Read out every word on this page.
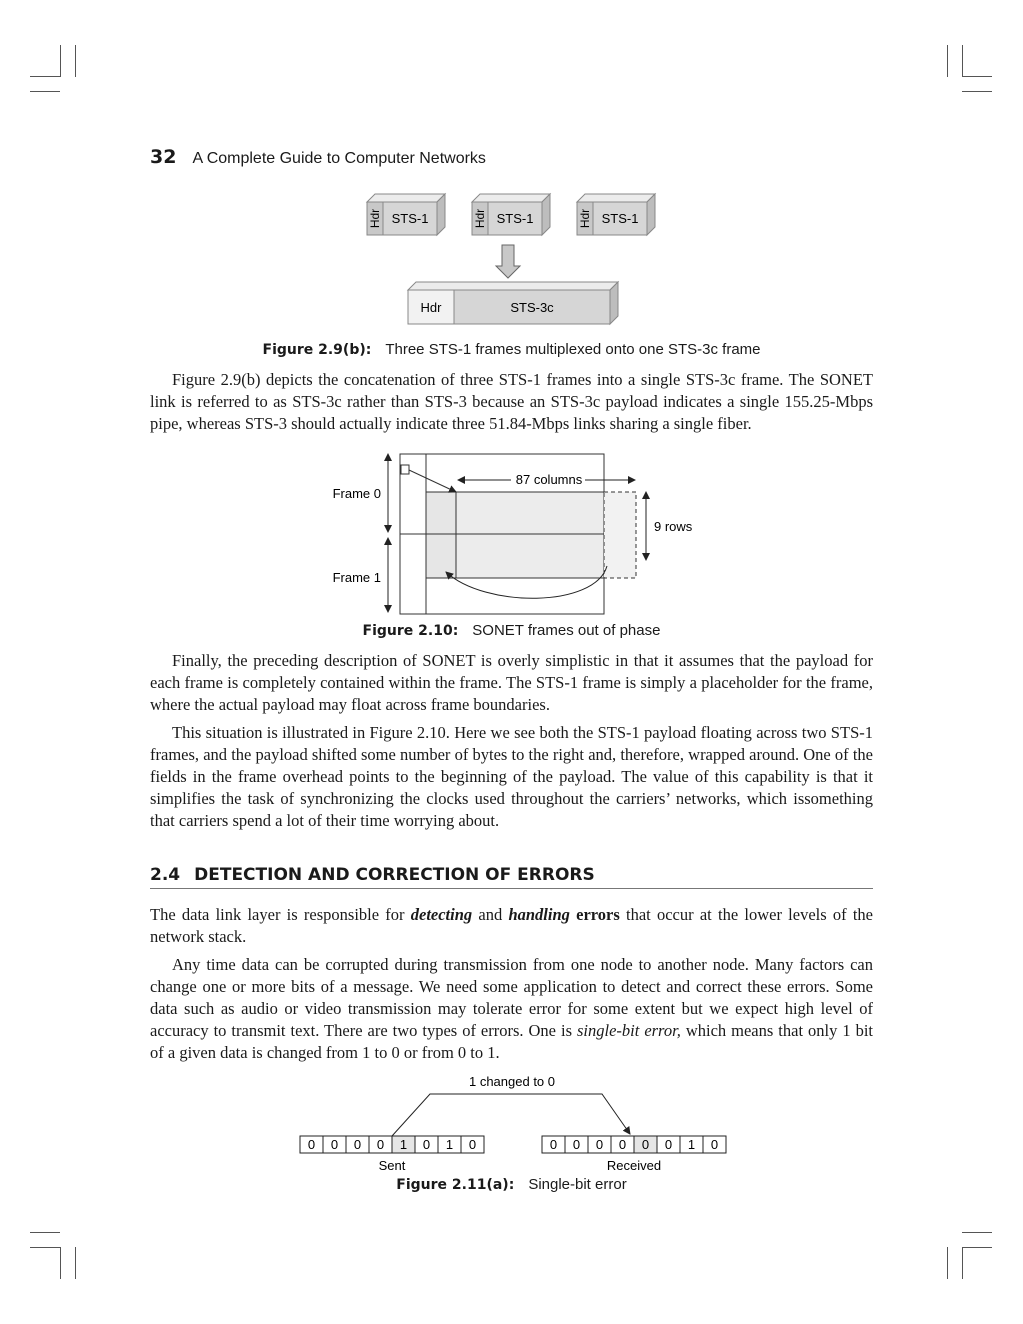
32 A Complete Guide to Computer Networks
Hdr STS-1	Hdr STS-1	Hdr STS-1
Hdr	STS-3c
Figure 2.9(b): Three STS-1 frames multiplexed onto one STS-3c frame

Figure 2.9(b) depicts the concatenation of three STS-1 frames into a single STS-3c frame. The SONET link is referred to as STS-3c rather than STS-3 because an STS-3c payload indicates a single 155.25-Mbps pipe, whereas STS-3 should actually indicate three 51.84-Mbps links sharing a single fiber.

87 columns
9 rows
Frame 0
Frame 1
Figure 2.10: SONET frames out of phase

Finally, the preceding description of SONET is overly simplistic in that it assumes that the payload for each frame is completely contained within the frame. The STS-1 frame is simply a placeholder for the frame, where the actual payload may float across frame boundaries.

This situation is illustrated in Figure 2.10. Here we see both the STS-1 payload floating across two STS-1 frames, and the payload shifted some number of bytes to the right and, therefore, wrapped around. One of the fields in the frame overhead points to the beginning of the payload. The value of this capability is that it simplifies the task of synchronizing the clocks used throughout the carriers’ networks, which issomething that carriers spend a lot of their time worrying about.

2.4 DETECTION AND CORRECTION OF ERRORS

The data link layer is responsible for detecting and handling errors that occur at the lower levels of the network stack.

Any time data can be corrupted during transmission from one node to another node. Many factors can change one or more bits of a message. We need some application to detect and correct these errors. Some data such as audio or video transmission may tolerate error for some extent but we expect high level of accuracy to transmit text. There are two types of errors. One is single-bit error, which means that only 1 bit of a given data is changed from 1 to 0 or from 0 to 1.

1 changed to 0
0 0 0 0 1 0 1 0	0 0 0 0 0 0 1 0
Sent	Received
Figure 2.11(a): Single-bit error
